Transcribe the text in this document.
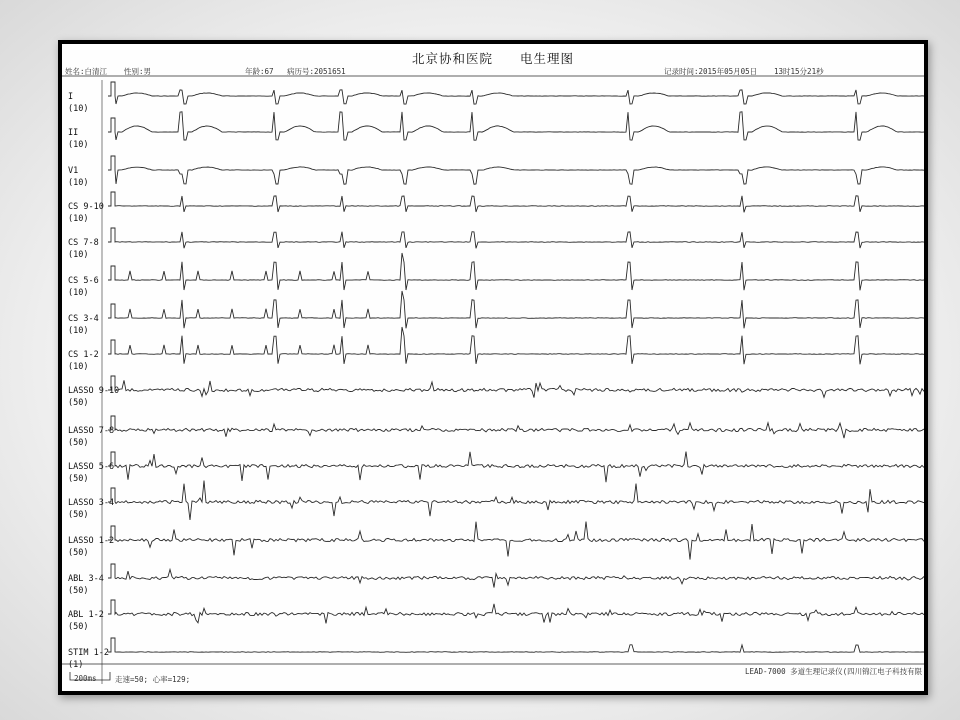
北京协和医院　　电生理图
姓名:白清江 性别:男	年龄:67 病历号:2051651	记录时间:2015年05月05日 13时15分21秒
I
(10)
II
(10)
V1
(10)
CS 9-10
(10)
CS 7-8
(10)
CS 5-6
(10)
CS 3-4
(10)
CS 1-2
(10)
LASSO 9-10
(50)
LASSO 7-8
(50)
LASSO 5-6
(50)
LASSO 3-4
(50)
LASSO 1-2
(50)
ABL 3-4
(50)
ABL 1-2
(50)
STIM 1-2
(1)
200ms 走速=50; 心率=129;
LEAD-7000 多道生理记录仪(四川锦江电子科技有限
